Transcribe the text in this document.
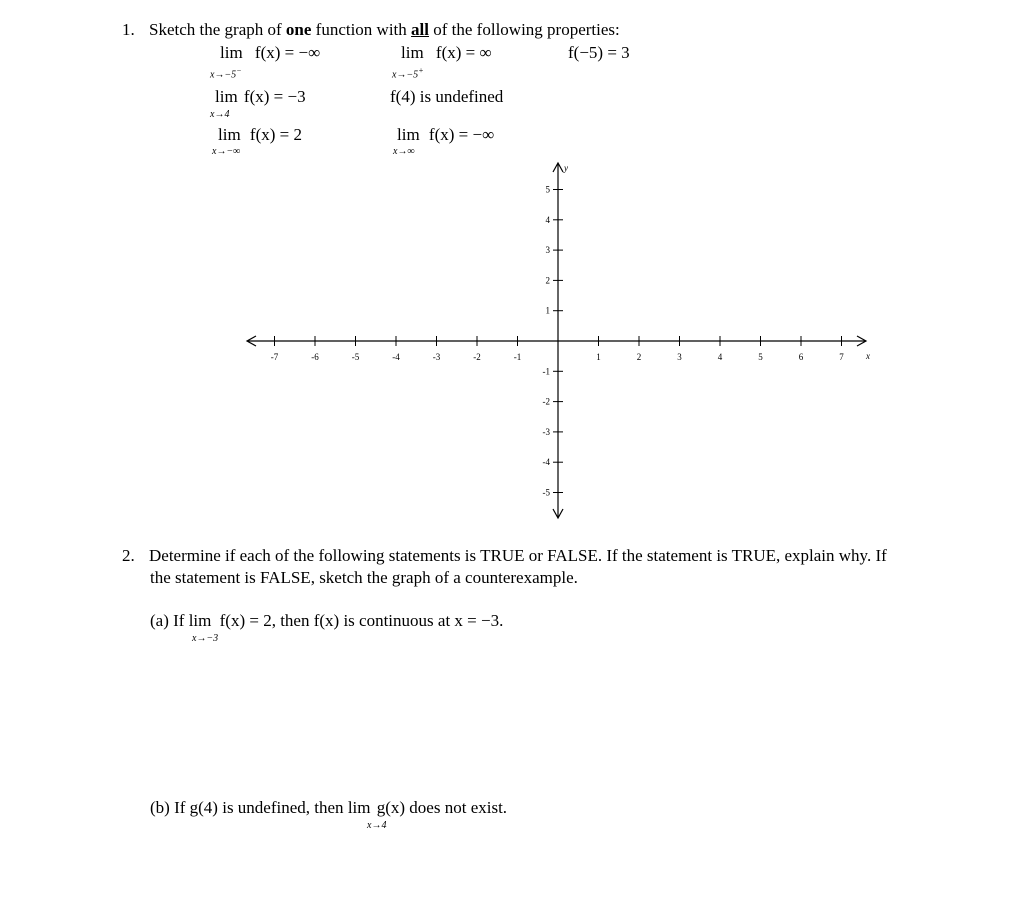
1. Sketch the graph of one function with all of the following properties:
lim f(x) = −∞
x→−5−
lim f(x) = ∞
x→−5+
f(−5) = 3
lim f(x) = −3
x→4
f(4) is undefined
lim f(x) = 2
x→−∞
lim f(x) = −∞
x→∞
y
x
-7	-6	-5	-4	-3	-2	-1	1	2	3	4	5	6	7
5
4
3
2
1
-1
-2
-3
-4
-5
2. Determine if each of the following statements is TRUE or FALSE. If the statement is TRUE, explain why. If
the statement is FALSE, sketch the graph of a counterexample.
(a) If lim f(x) = 2, then f(x) is continuous at x = −3.
x→−3
(b) If g(4) is undefined, then lim g(x) does not exist.
x→4
